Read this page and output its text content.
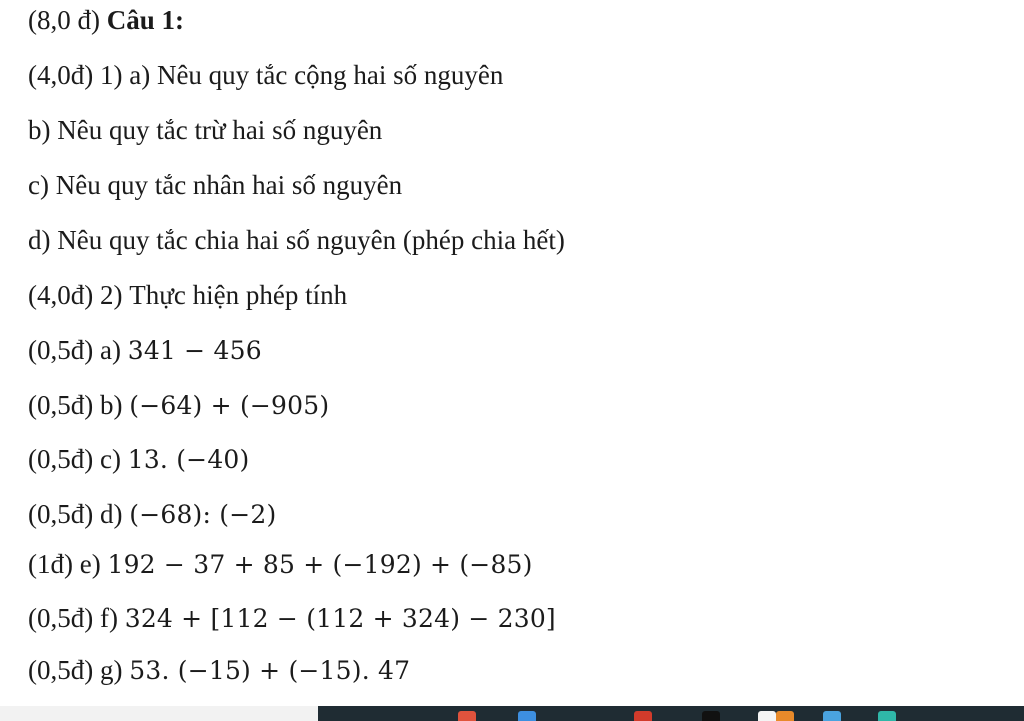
(8,0 đ) Câu 1:
(4,0đ) 1) a) Nêu quy tắc cộng hai số nguyên
b) Nêu quy tắc trừ hai số nguyên
c) Nêu quy tắc nhân hai số nguyên
d) Nêu quy tắc chia hai số nguyên (phép chia hết)
(4,0đ) 2) Thực hiện phép tính
(0,5đ) a) 341 − 456
(0,5đ) b) (−64) + (−905)
(0,5đ) c) 13. (−40)
(0,5đ) d) (−68): (−2)
(1đ) e) 192 − 37 + 85 + (−192) + (−85)
(0,5đ) f) 324 + [112 − (112 + 324) − 230]
(0,5đ) g) 53. (−15) + (−15). 47
